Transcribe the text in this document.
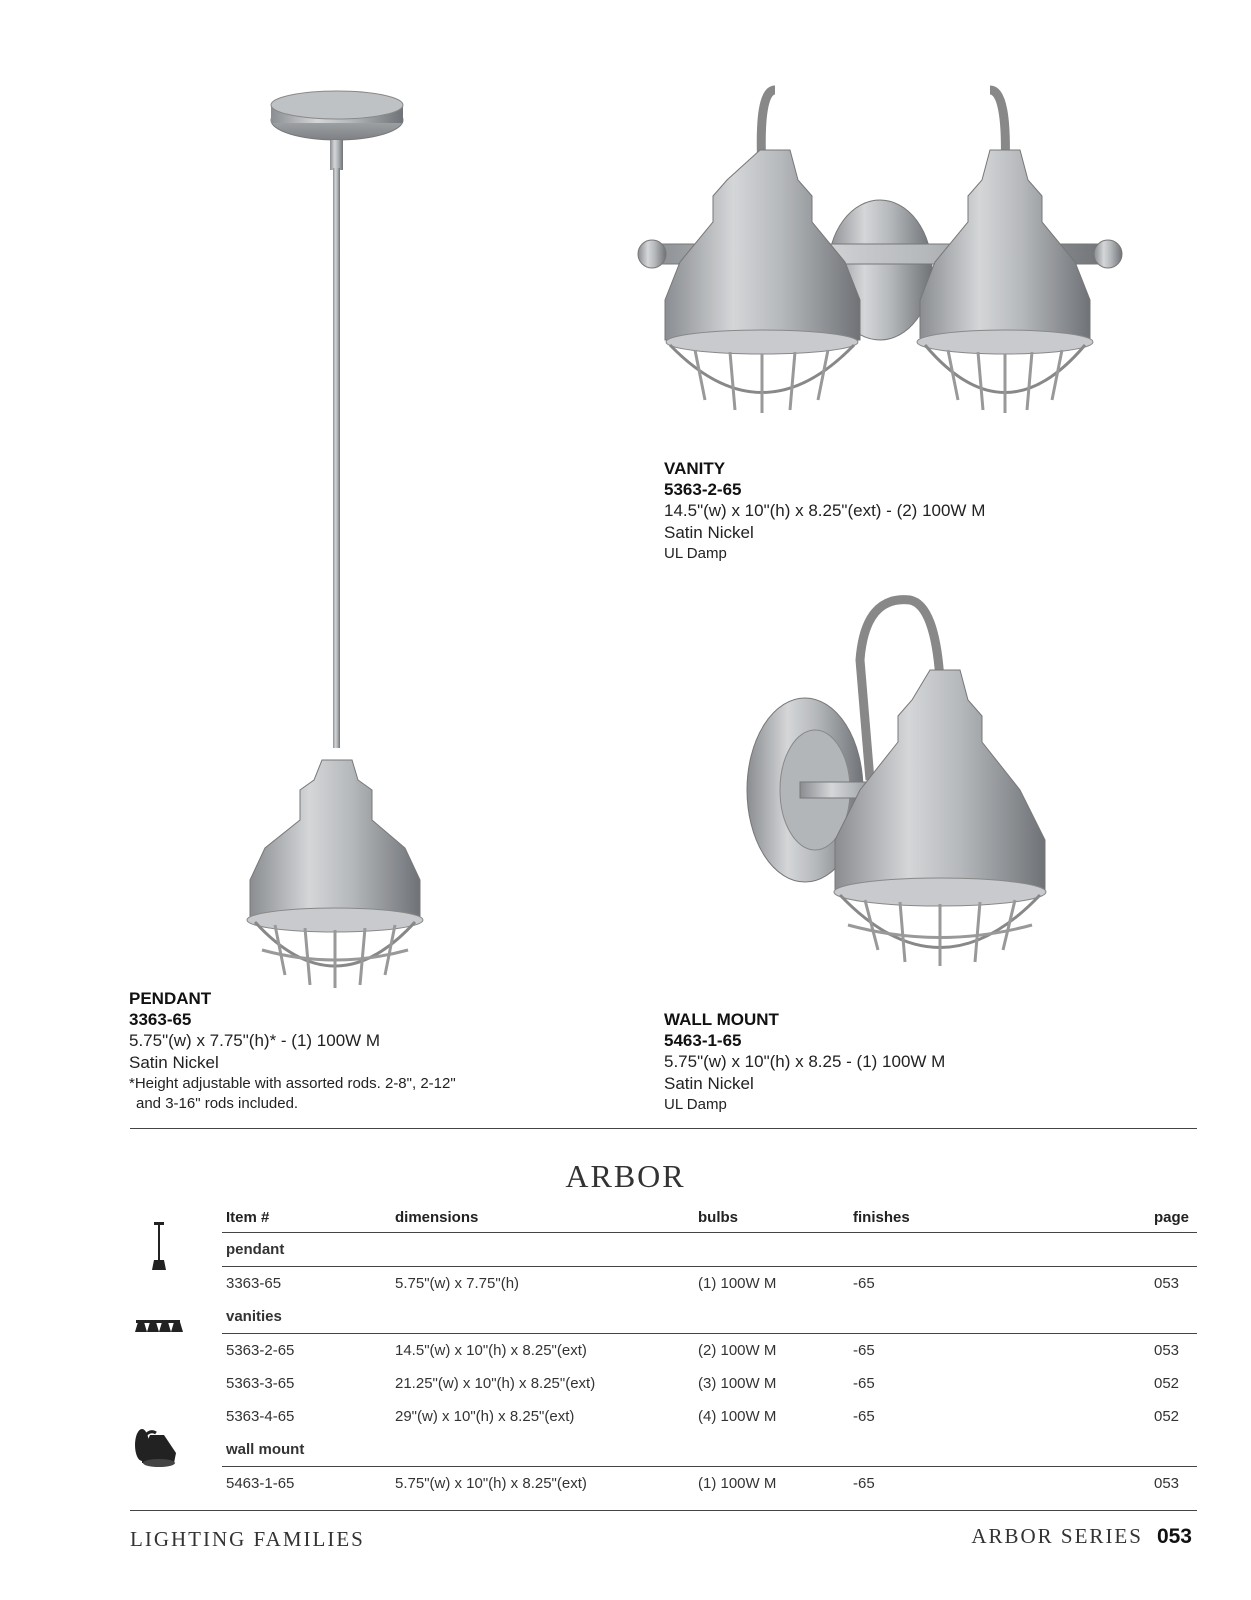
VANITY
5363-2-65
14.5"(w) x 10"(h) x 8.25"(ext) - (2) 100W M
Satin Nickel
UL Damp
PENDANT
3363-65
5.75"(w) x 7.75"(h)* - (1) 100W M
Satin Nickel
*Height adjustable with assorted rods. 2-8", 2-12"
and 3-16" rods included.
WALL MOUNT
5463-1-65
5.75"(w) x 10"(h) x 8.25 - (1) 100W M
Satin Nickel
UL Damp
ARBOR
Item #	dimensions	bulbs	finishes	page
pendant				
3363-65	5.75"(w) x 7.75"(h)	(1) 100W M	-65	053
vanities				
5363-2-65	14.5"(w) x 10"(h) x 8.25"(ext)	(2) 100W M	-65	053
5363-3-65	21.25"(w) x 10"(h) x 8.25"(ext)	(3) 100W M	-65	052
5363-4-65	29"(w) x 10"(h) x 8.25"(ext)	(4) 100W M	-65	052
wall mount				
5463-1-65	5.75"(w) x 10"(h) x 8.25"(ext)	(1) 100W M	-65	053
LIGHTING FAMILIES	ARBOR SERIES 053
